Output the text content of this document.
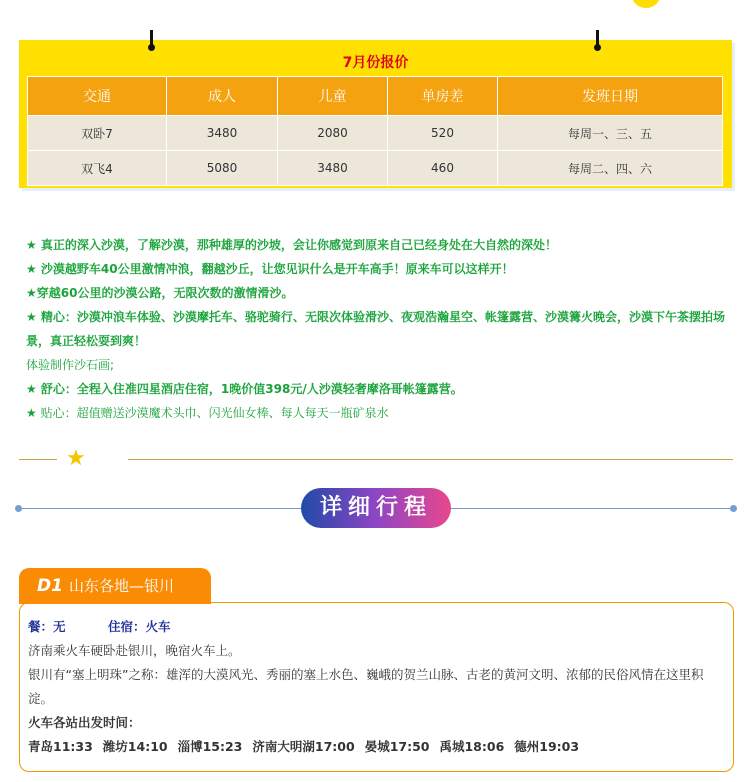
7月份报价
交通	成人	儿童	单房差	发班日期
双卧7	3480	2080	520	每周一、三、五
双飞4	5080	3480	460	每周二、四、六

★ 真正的深入沙漠，了解沙漠，那种雄厚的沙坡，会让你感觉到原来自己已经身处在大自然的深处！

★ 沙漠越野车40公里激情冲浪，翻越沙丘，让您见识什么是开车高手！原来车可以这样开！

★穿越60公里的沙漠公路，无限次数的激情滑沙。

★ 精心：沙漠冲浪车体验、沙漠摩托车、骆驼骑行、无限次体验滑沙、夜观浩瀚星空、帐篷露营、沙漠篝火晚会，沙漠下午茶摆拍场景，真正轻松耍到爽！

体验制作沙石画;

★ 舒心：全程入住准四星酒店住宿，1晚价值398元/人沙漠轻奢摩洛哥帐篷露营。

★ 贴心：超值赠送沙漠魔术头巾、闪光仙女棒、每人每天一瓶矿泉水

★
详细行程
D1 山东各地—银川

餐：无	住宿：火车

济南乘火车硬卧赴银川，晚宿火车上。

银川有“塞上明珠”之称：雄浑的大漠风光、秀丽的塞上水色、巍峨的贺兰山脉、古老的黄河文明、浓郁的民俗风情在这里积淀。

火车各站出发时间：

青岛11:33 潍坊14:10 淄博15:23 济南大明湖17:00 晏城17:50 禹城18:06 德州19:03
